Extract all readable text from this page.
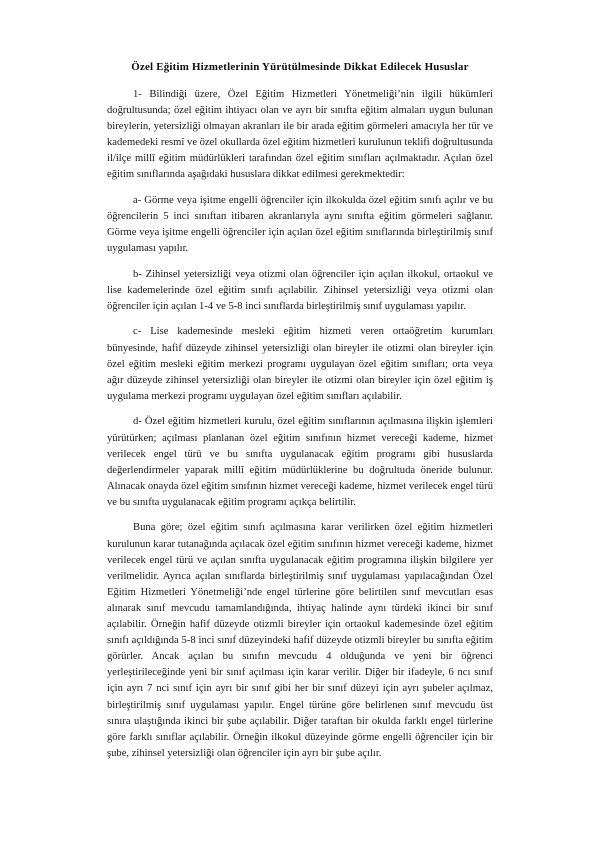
Özel Eğitim Hizmetlerinin Yürütülmesinde Dikkat Edilecek Hususlar

1- Bilindiği üzere, Özel Eğitim Hizmetleri Yönetmeliği’nin ilgili hükümleri doğrultusunda; özel eğitim ihtiyacı olan ve ayrı bir sınıfta eğitim almaları uygun bulunan bireylerin, yetersizliği olmayan akranları ile bir arada eğitim görmeleri amacıyla her tür ve kademedeki resmî ve özel okullarda özel eğitim hizmetleri kurulunun teklifi doğrultusunda il/ilçe millî eğitim müdürlükleri tarafından özel eğitim sınıfları açılmaktadır. Açılan özel eğitim sınıflarında aşağıdaki hususlara dikkat edilmesi gerekmektedir:

a- Görme veya işitme engelli öğrenciler için ilkokulda özel eğitim sınıfı açılır ve bu öğrencilerin 5 inci sınıftan itibaren akranlarıyla aynı sınıfta eğitim görmeleri sağlanır. Görme veya işitme engelli öğrenciler için açılan özel eğitim sınıflarında birleştirilmiş sınıf uygulaması yapılır.

b- Zihinsel yetersizliği veya otizmi olan öğrenciler için açılan ilkokul, ortaokul ve lise kademelerinde özel eğitim sınıfı açılabilir. Zihinsel yetersizliği veya otizmi olan öğrenciler için açılan 1-4 ve 5-8 inci sınıflarda birleştirilmiş sınıf uygulaması yapılır.

c- Lise kademesinde mesleki eğitim hizmeti veren ortaöğretim kurumları bünyesinde, hafif düzeyde zihinsel yetersizliği olan bireyler ile otizmi olan bireyler için özel eğitim mesleki eğitim merkezi programı uygulayan özel eğitim sınıfları; orta veya ağır düzeyde zihinsel yetersizliği olan bireyler ile otizmi olan bireyler için özel eğitim iş uygulama merkezi programı uygulayan özel eğitim sınıfları açılabilir.

d- Özel eğitim hizmetleri kurulu, özel eğitim sınıflarının açılmasına ilişkin işlemleri yürütürken; açılması planlanan özel eğitim sınıfının hizmet vereceği kademe, hizmet verilecek engel türü ve bu sınıfta uygulanacak eğitim programı gibi hususlarda değerlendirmeler yaparak millî eğitim müdürlüklerine bu doğrultuda öneride bulunur. Alınacak onayda özel eğitim sınıfının hizmet vereceği kademe, hizmet verilecek engel türü ve bu sınıfta uygulanacak eğitim programı açıkça belirtilir.

Buna göre; özel eğitim sınıfı açılmasına karar verilirken özel eğitim hizmetleri kurulunun karar tutanağında açılacak özel eğitim sınıfının hizmet vereceği kademe, hizmet verilecek engel türü ve açılan sınıfta uygulanacak eğitim programına ilişkin bilgilere yer verilmelidir. Ayrıca açılan sınıflarda birleştirilmiş sınıf uygulaması yapılacağından Özel Eğitim Hizmetleri Yönetmeliği’nde engel türlerine göre belirtilen sınıf mevcutları esas alınarak sınıf mevcudu tamamlandığında, ihtiyaç halinde aynı türdeki ikinci bir sınıf açılabilir. Örneğin hafif düzeyde otizmli bireyler için ortaokul kademesinde özel eğitim sınıfı açıldığında 5-8 inci sınıf düzeyindeki hafif düzeyde otizmli bireyler bu sınıfta eğitim görürler. Ancak açılan bu sınıfın mevcudu 4 olduğunda ve yeni bir öğrenci yerleştirileceğinde yeni bir sınıf açılması için karar verilir. Diğer bir ifadeyle, 6 ncı sınıf için ayrı 7 nci sınıf için ayrı bir sınıf gibi her bir sınıf düzeyi için ayrı şubeler açılmaz, birleştirilmiş sınıf uygulaması yapılır. Engel türüne göre belirlenen sınıf mevcudu üst sınıra ulaştığında ikinci bir şube açılabilir. Diğer taraftan bir okulda farklı engel türlerine göre farklı sınıflar açılabilir. Örneğin ilkokul düzeyinde görme engelli öğrenciler için bir şube, zihinsel yetersizliği olan öğrenciler için ayrı bir şube açılır.
